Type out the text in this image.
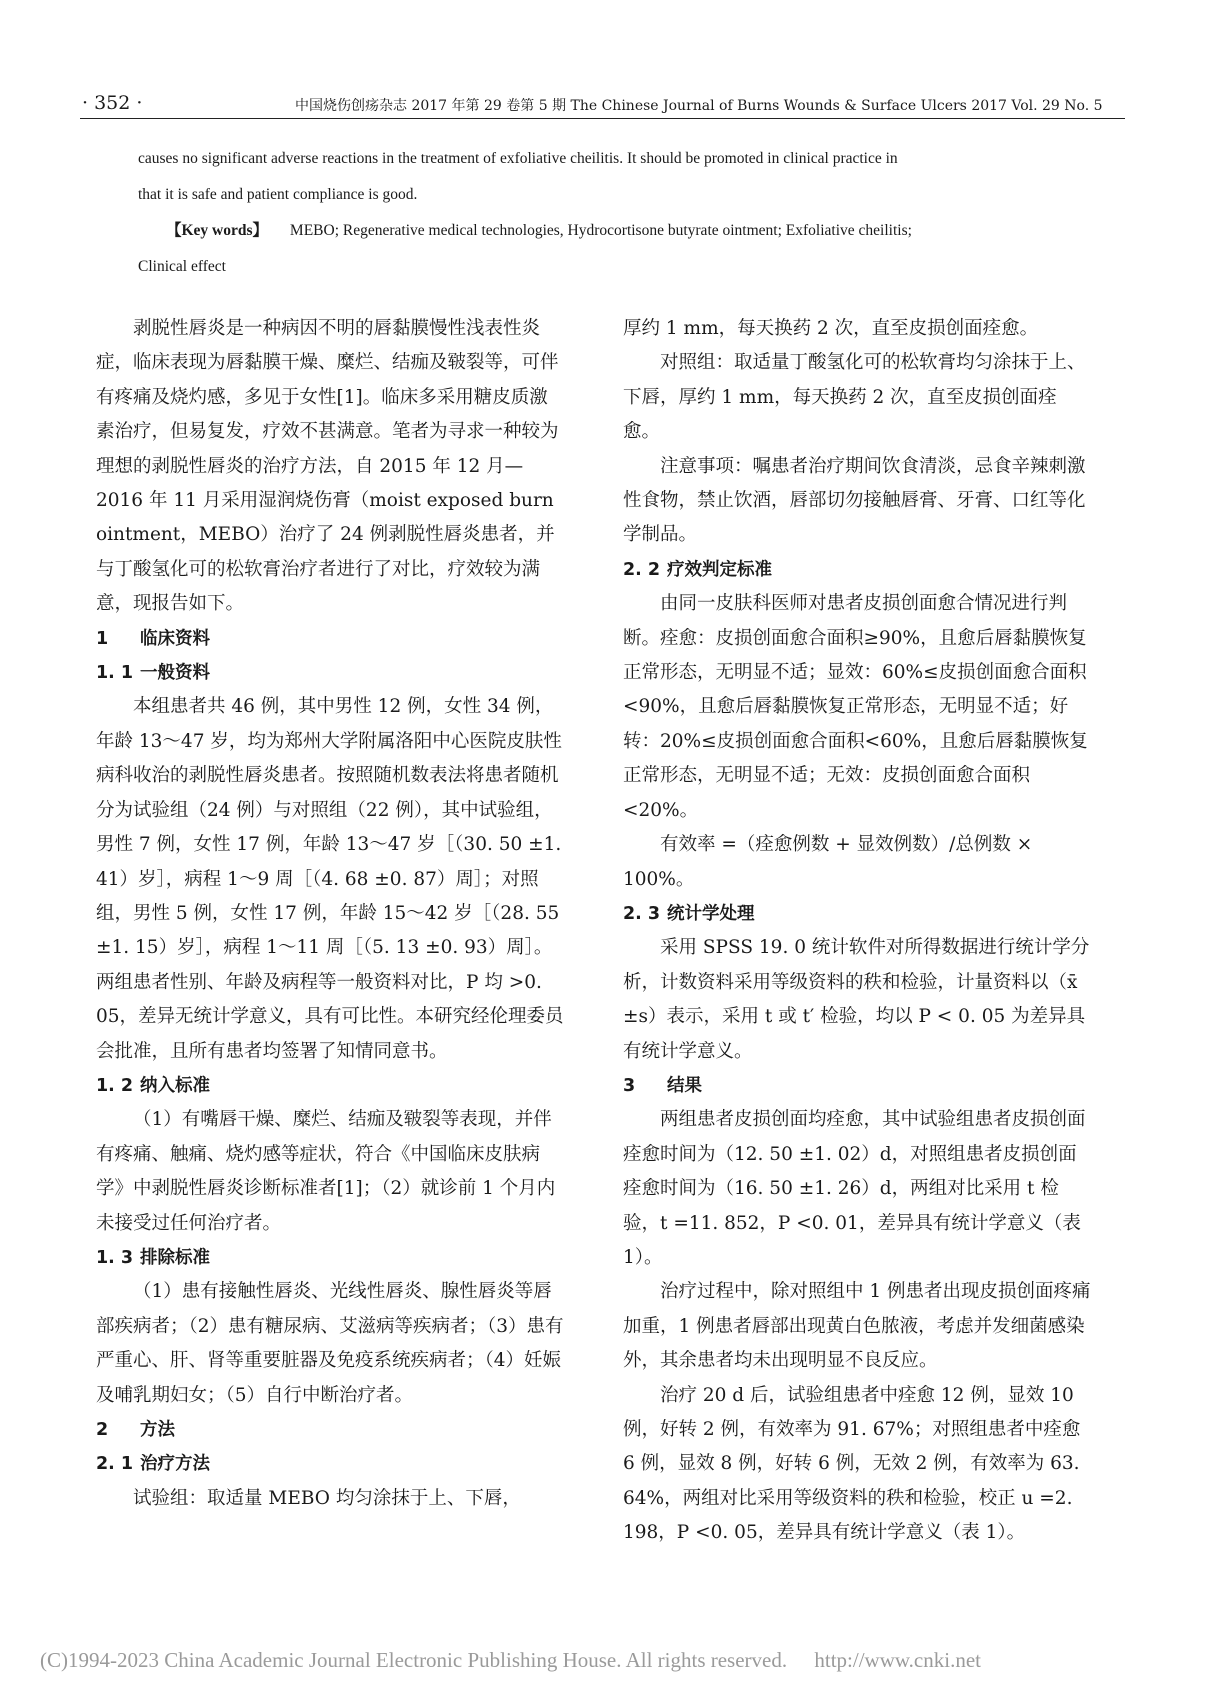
· 352 ·	中国烧伤创疡杂志 2017 年第 29 卷第 5 期 The Chinese Journal of Burns Wounds & Surface Ulcers 2017 Vol. 29 No. 5
causes no significant adverse reactions in the treatment of exfoliative cheilitis. It should be promoted in clinical practice in
that it is safe and patient compliance is good.
【Key words】 MEBO; Regenerative medical technologies, Hydrocortisone butyrate ointment; Exfoliative cheilitis;
Clinical effect

剥脱性唇炎是一种病因不明的唇黏膜慢性浅表性炎症，临床表现为唇黏膜干燥、糜烂、结痂及皲裂等，可伴有疼痛及烧灼感，多见于女性[1]。临床多采用糖皮质激素治疗，但易复发，疗效不甚满意。笔者为寻求一种较为理想的剥脱性唇炎的治疗方法，自 2015 年 12 月—2016 年 11 月采用湿润烧伤膏（moist exposed burn ointment，MEBO）治疗了 24 例剥脱性唇炎患者，并与丁酸氢化可的松软膏治疗者进行了对比，疗效较为满意，现报告如下。

1 临床资料

1. 1 一般资料

本组患者共 46 例，其中男性 12 例，女性 34 例，年龄 13～47 岁，均为郑州大学附属洛阳中心医院皮肤性病科收治的剥脱性唇炎患者。按照随机数表法将患者随机分为试验组（24 例）与对照组（22 例），其中试验组，男性 7 例，女性 17 例，年龄 13～47 岁［（30. 50 ±1. 41）岁］，病程 1～9 周［（4. 68 ±0. 87）周］；对照组，男性 5 例，女性 17 例，年龄 15～42 岁［（28. 55 ±1. 15）岁］，病程 1～11 周［（5. 13 ±0. 93）周］。两组患者性别、年龄及病程等一般资料对比，P 均 >0. 05，差异无统计学意义，具有可比性。本研究经伦理委员会批准，且所有患者均签署了知情同意书。

1. 2 纳入标准

（1）有嘴唇干燥、糜烂、结痂及皲裂等表现，并伴有疼痛、触痛、烧灼感等症状，符合《中国临床皮肤病学》中剥脱性唇炎诊断标准者[1]；（2）就诊前 1 个月内未接受过任何治疗者。

1. 3 排除标准

（1）患有接触性唇炎、光线性唇炎、腺性唇炎等唇部疾病者；（2）患有糖尿病、艾滋病等疾病者；（3）患有严重心、肝、肾等重要脏器及免疫系统疾病者；（4）妊娠及哺乳期妇女；（5）自行中断治疗者。

2 方法

2. 1 治疗方法

试验组：取适量 MEBO 均匀涂抹于上、下唇，

厚约 1 mm，每天换药 2 次，直至皮损创面痊愈。

对照组：取适量丁酸氢化可的松软膏均匀涂抹于上、下唇，厚约 1 mm，每天换药 2 次，直至皮损创面痊愈。

注意事项：嘱患者治疗期间饮食清淡，忌食辛辣刺激性食物，禁止饮酒，唇部切勿接触唇膏、牙膏、口红等化学制品。

2. 2 疗效判定标准

由同一皮肤科医师对患者皮损创面愈合情况进行判断。痊愈：皮损创面愈合面积≥90%，且愈后唇黏膜恢复正常形态，无明显不适；显效：60%≤皮损创面愈合面积<90%，且愈后唇黏膜恢复正常形态，无明显不适；好转：20%≤皮损创面愈合面积<60%，且愈后唇黏膜恢复正常形态，无明显不适；无效：皮损创面愈合面积<20%。

有效率 =（痊愈例数 + 显效例数）/总例数 × 100%。

2. 3 统计学处理

采用 SPSS 19. 0 统计软件对所得数据进行统计学分析，计数资料采用等级资料的秩和检验，计量资料以（x̄ ±s）表示，采用 t 或 t′ 检验，均以 P < 0. 05 为差异具有统计学意义。

3 结果

两组患者皮损创面均痊愈，其中试验组患者皮损创面痊愈时间为（12. 50 ±1. 02）d，对照组患者皮损创面痊愈时间为（16. 50 ±1. 26）d，两组对比采用 t 检验，t =11. 852，P <0. 01，差异具有统计学意义（表 1）。

治疗过程中，除对照组中 1 例患者出现皮损创面疼痛加重，1 例患者唇部出现黄白色脓液，考虑并发细菌感染外，其余患者均未出现明显不良反应。

治疗 20 d 后，试验组患者中痊愈 12 例，显效 10 例，好转 2 例，有效率为 91. 67%；对照组患者中痊愈 6 例，显效 8 例，好转 6 例，无效 2 例，有效率为 63. 64%，两组对比采用等级资料的秩和检验，校正 u =2. 198，P <0. 05，差异具有统计学意义（表 1）。

(C)1994-2023 China Academic Journal Electronic Publishing House. All rights reserved. http://www.cnki.net
